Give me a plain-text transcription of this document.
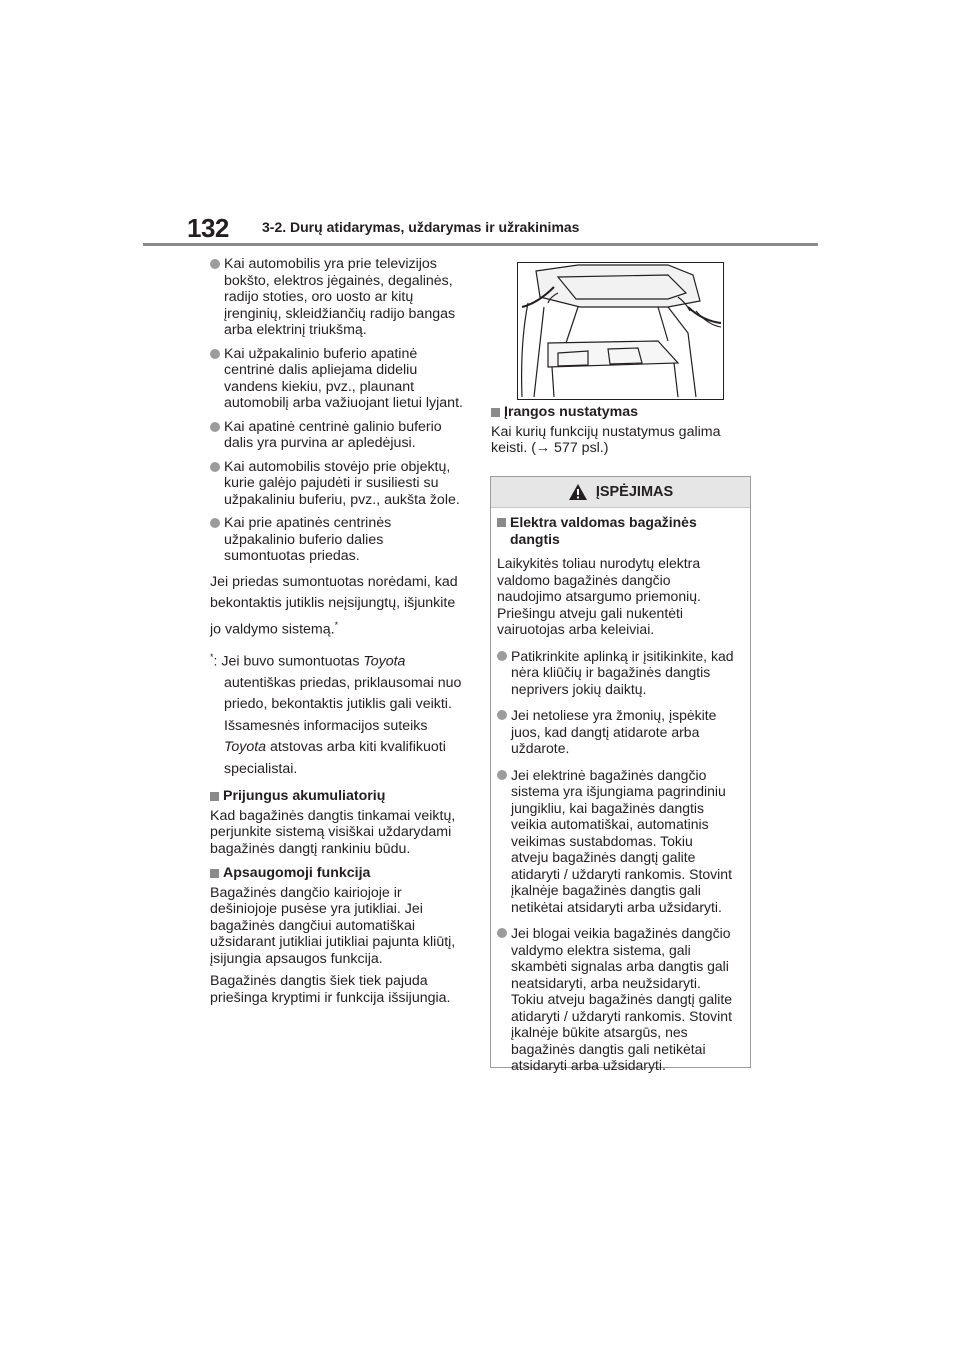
132 3-2. Durų atidarymas, uždarymas ir užrakinimas
Kai automobilis yra prie televizijos
bokšto, elektros jėgainės, degalinės,
radijo stoties, oro uosto ar kitų
įrenginių, skleidžiančių radijo bangas
arba elektrinį triukšmą.
Kai užpakalinio buferio apatinė
centrinė dalis apliejama dideliu
vandens kiekiu, pvz., plaunant
automobilį arba važiuojant lietui lyjant.
Kai apatinė centrinė galinio buferio
dalis yra purvina ar apledėjusi.
Kai automobilis stovėjo prie objektų,
kurie galėjo pajudėti ir susiliesti su
užpakaliniu buferiu, pvz., aukšta žole.
Kai prie apatinės centrinės
užpakalinio buferio dalies
sumontuotas priedas.
Jei priedas sumontuotas norėdami, kad
bekontaktis jutiklis neįsijungtų, išjunkite
jo valdymo sistemą.*
*: Jei buvo sumontuotas Toyota
autentiškas priedas, priklausomai nuo
priedo, bekontaktis jutiklis gali veikti.
Išsamesnės informacijos suteiks
Toyota atstovas arba kiti kvalifikuoti
specialistai.
Prijungus akumuliatorių
Kad bagažinės dangtis tinkamai veiktų,
perjunkite sistemą visiškai uždarydami
bagažinės dangtį rankiniu būdu.
Apsaugomoji funkcija
Bagažinės dangčio kairiojoje ir
dešiniojoje pusėse yra jutikliai. Jei
bagažinės dangčiui automatiškai
užsidarant jutikliai jutikliai pajunta kliūtį,
įsijungia apsaugos funkcija.
Bagažinės dangtis šiek tiek pajuda
priešinga kryptimi ir funkcija išsijungia.
Įrangos nustatymas
Kai kurių funkcijų nustatymus galima
keisti. (→ 577 psl.)
ĮSPĖJIMAS
Elektra valdomas bagažinės
dangtis
Laikykitės toliau nurodytų elektra
valdomo bagažinės dangčio
naudojimo atsargumo priemonių.
Priešingu atveju gali nukentėti
vairuotojas arba keleiviai.
Patikrinkite aplinką ir įsitikinkite, kad
nėra kliūčių ir bagažinės dangtis
neprivers jokių daiktų.
Jei netoliese yra žmonių, įspėkite
juos, kad dangtį atidarote arba
uždarote.
Jei elektrinė bagažinės dangčio
sistema yra išjungiama pagrindiniu
jungikliu, kai bagažinės dangtis
veikia automatiškai, automatinis
veikimas sustabdomas. Tokiu
atveju bagažinės dangtį galite
atidaryti / uždaryti rankomis. Stovint
įkalnėje bagažinės dangtis gali
netikėtai atsidaryti arba užsidaryti.
Jei blogai veikia bagažinės dangčio
valdymo elektra sistema, gali
skambėti signalas arba dangtis gali
neatsidaryti, arba neužsidaryti.
Tokiu atveju bagažinės dangtį galite
atidaryti / uždaryti rankomis. Stovint
įkalnėje būkite atsargūs, nes
bagažinės dangtis gali netikėtai
atsidaryti arba užsidaryti.
